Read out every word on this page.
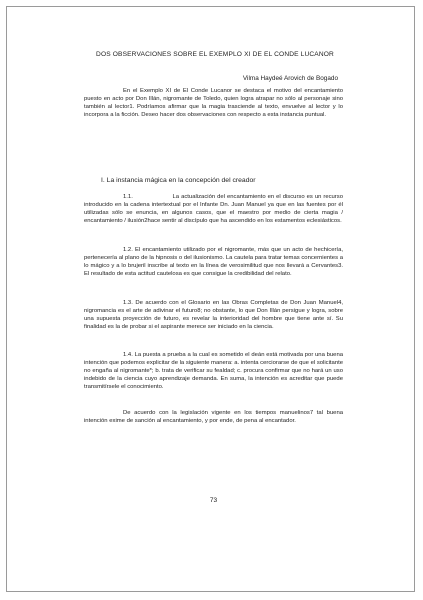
DOS OBSERVACIONES SOBRE EL EXEMPLO XI DE EL CONDE LUCANOR
Vilma Haydeé Arovich de Bogado

En el Exemplo XI de El Conde Lucanor se destaca el motivo del encantamiento puesto en acto por Don Illán, nigromante de Toledo, quien logra atrapar no sólo al personaje sino también al lector1. Podríamos afirmar que la magia trasciende al texto, envuelve al lector y lo incorpora a la ficción. Deseo hacer dos observaciones con respecto a esta instancia puntual.

I. La instancia mágica en la concepción del creador

1.1.                    La actualización del encantamiento en el discurso es un recurso introducido en la cadena intertextual por el Infante Dn. Juan Manuel ya que en las fuentes por él utilizadas sólo se enuncia, en algunos casos, que el maestro por medio de cierta magia / encantamiento / ilusión2hace sentir al discípulo que ha ascendido en los estamentos eclesiásticos.

1.2. El encantamiento utilizado por el nigromante, más que un acto de hechicería, pertenecería al plano de la hipnosis o del ilusionismo. La cautela para tratar temas concernientes a lo mágico y a lo brujeril inscribe al texto en la línea de verosimilitud que nos llevará a Cervantes3. El resultado de esta actitud cautelosa es que consigue la credibilidad del relato.

1.3. De acuerdo con el Glosario en las Obras Completas de Don Juan Manuel4, nigromancia es el arte de adivinar el futuro8; no obstante, lo que Don Illán persigue y logra, sobre una supuesta proyección de futuro, es revelar la interioridad del hombre que tiene ante sí. Su finalidad es la de probar si el aspirante merece ser iniciado en la ciencia.

1.4. La puesta a prueba a la cual es sometido el deán está motivada por una buena intención que podemos explicitar de la siguiente manera: a. intenta cerciorarse de que el solicitante no engaña al nigromante*; b. trata de verificar su fealdad; c. procura confirmar que no hará un uso indebido de la ciencia cuyo aprendizaje demanda. En suma, la intención es acreditar que puede transmitírsele el conocimiento.

De acuerdo con la legislación vigente en los tiempos manuelinos7 tal buena intención exime de sanción al encantamiento, y por ende, de pena al encantador.

73
